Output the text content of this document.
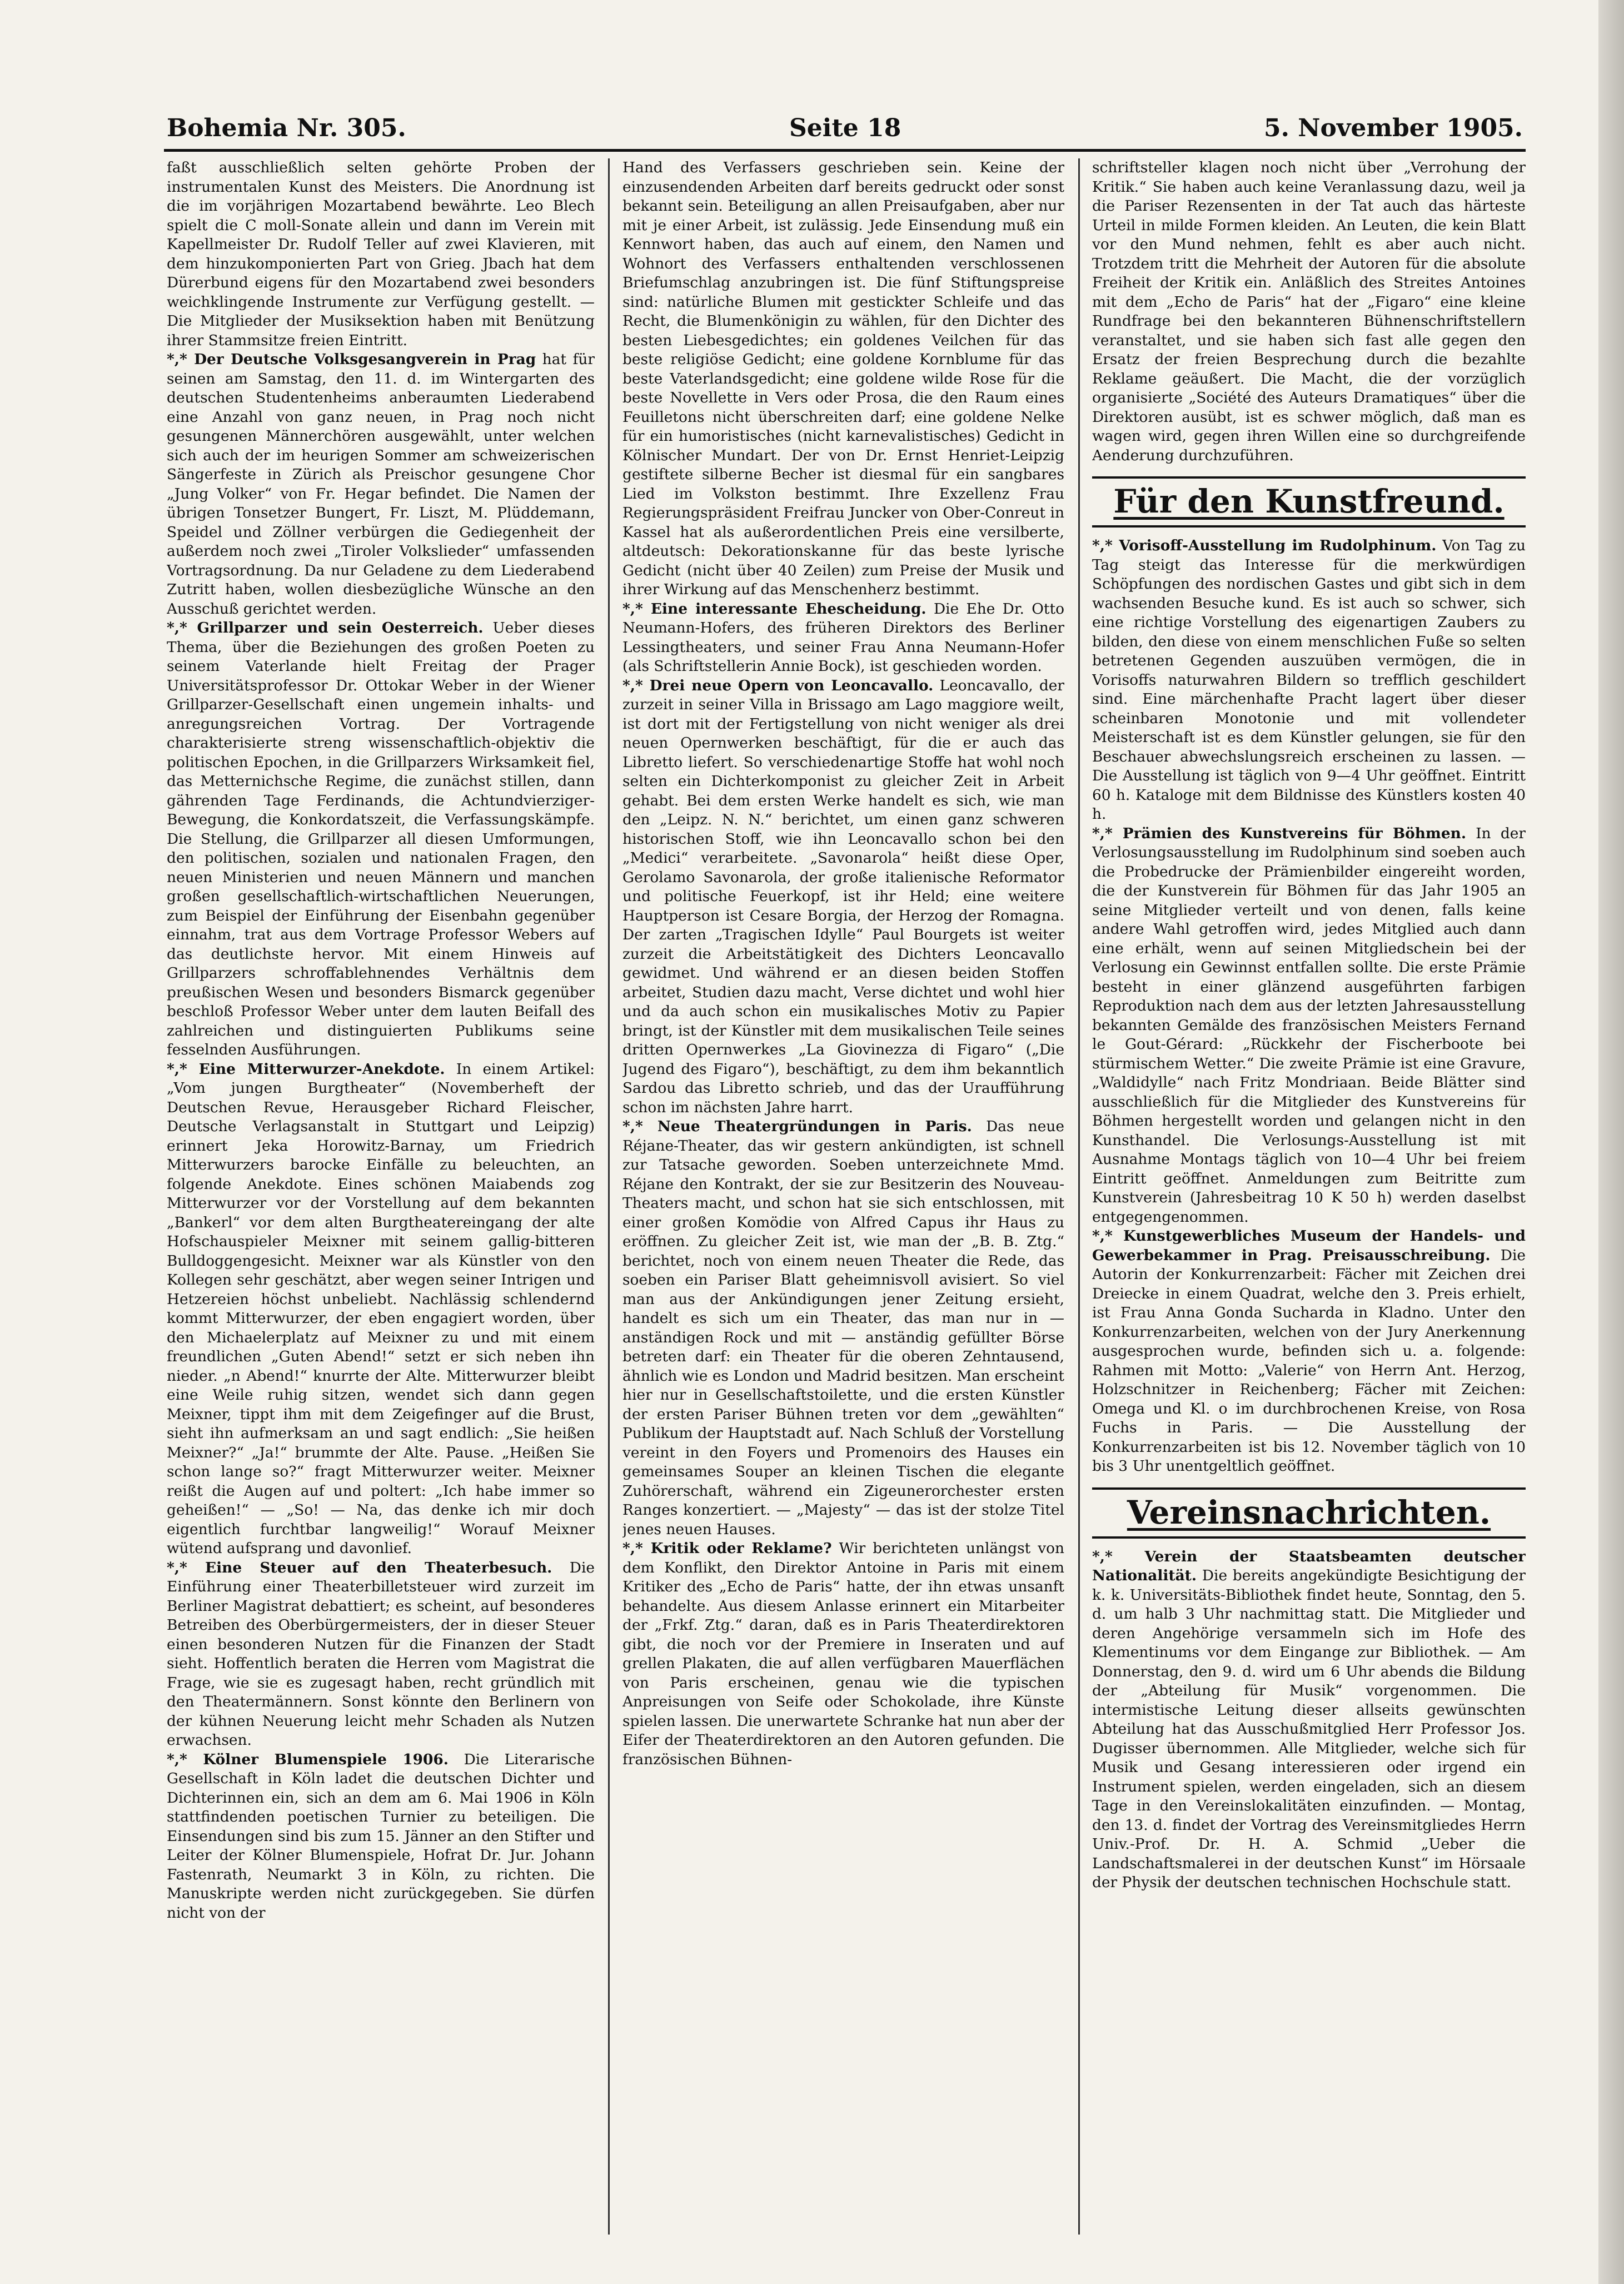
Bohemia Nr. 305.	Seite 18	5. November 1905.

faßt ausschließlich selten gehörte Proben der instrumentalen Kunst des Meisters. Die Anordnung ist die im vorjährigen Mozartabend bewährte. Leo Blech spielt die C moll-Sonate allein und dann im Verein mit Kapellmeister Dr. Rudolf Teller auf zwei Klavieren, mit dem hinzukomponierten Part von Grieg. Jbach hat dem Dürerbund eigens für den Mozartabend zwei besonders weichklingende Instrumente zur Verfügung gestellt. — Die Mitglieder der Musiksektion haben mit Benützung ihrer Stammsitze freien Eintritt.

*,* Der Deutsche Volksgesangverein in Prag hat für seinen am Samstag, den 11. d. im Wintergarten des deutschen Studentenheims anberaumten Liederabend eine Anzahl von ganz neuen, in Prag noch nicht gesungenen Männerchören ausgewählt, unter welchen sich auch der im heurigen Sommer am schweizerischen Sängerfeste in Zürich als Preischor gesungene Chor „Jung Volker“ von Fr. Hegar befindet. Die Namen der übrigen Tonsetzer Bungert, Fr. Liszt, M. Plüddemann, Speidel und Zöllner verbürgen die Gediegenheit der außerdem noch zwei „Tiroler Volkslieder“ umfassenden Vortragsordnung. Da nur Geladene zu dem Liederabend Zutritt haben, wollen diesbezügliche Wünsche an den Ausschuß gerichtet werden.

*,* Grillparzer und sein Oesterreich. Ueber dieses Thema, über die Beziehungen des großen Poeten zu seinem Vaterlande hielt Freitag der Prager Universitätsprofessor Dr. Ottokar Weber in der Wiener Grillparzer-Gesellschaft einen ungemein inhalts- und anregungsreichen Vortrag. Der Vortragende charakterisierte streng wissenschaftlich-objektiv die politischen Epochen, in die Grillparzers Wirksamkeit fiel, das Metternichsche Regime, die zunächst stillen, dann gährenden Tage Ferdinands, die Achtundvierziger-Bewegung, die Konkordatszeit, die Verfassungskämpfe. Die Stellung, die Grillparzer all diesen Umformungen, den politischen, sozialen und nationalen Fragen, den neuen Ministerien und neuen Männern und manchen großen gesellschaftlich-wirtschaftlichen Neuerungen, zum Beispiel der Einführung der Eisenbahn gegenüber einnahm, trat aus dem Vortrage Professor Webers auf das deutlichste hervor. Mit einem Hinweis auf Grillparzers schroffablehnendes Verhältnis dem preußischen Wesen und besonders Bismarck gegenüber beschloß Professor Weber unter dem lauten Beifall des zahlreichen und distinguierten Publikums seine fesselnden Ausführungen.

*,* Eine Mitterwurzer-Anekdote. In einem Artikel: „Vom jungen Burgtheater“ (Novemberheft der Deutschen Revue, Herausgeber Richard Fleischer, Deutsche Verlagsanstalt in Stuttgart und Leipzig) erinnert Jeka Horowitz-Barnay, um Friedrich Mitterwurzers barocke Einfälle zu beleuchten, an folgende Anekdote. Eines schönen Maiabends zog Mitterwurzer vor der Vorstellung auf dem bekannten „Bankerl“ vor dem alten Burgtheatereingang der alte Hofschauspieler Meixner mit seinem gallig-bitteren Bulldoggengesicht. Meixner war als Künstler von den Kollegen sehr geschätzt, aber wegen seiner Intrigen und Hetzereien höchst unbeliebt. Nachlässig schlendernd kommt Mitterwurzer, der eben engagiert worden, über den Michaelerplatz auf Meixner zu und mit einem freundlichen „Guten Abend!“ setzt er sich neben ihn nieder. „n Abend!“ knurrte der Alte. Mitterwurzer bleibt eine Weile ruhig sitzen, wendet sich dann gegen Meixner, tippt ihm mit dem Zeigefinger auf die Brust, sieht ihn aufmerksam an und sagt endlich: „Sie heißen Meixner?“ „Ja!“ brummte der Alte. Pause. „Heißen Sie schon lange so?“ fragt Mitterwurzer weiter. Meixner reißt die Augen auf und poltert: „Ich habe immer so geheißen!“ — „So! — Na, das denke ich mir doch eigentlich furchtbar langweilig!“ Worauf Meixner wütend aufsprang und davonlief.

*,* Eine Steuer auf den Theaterbesuch. Die Einführung einer Theaterbilletsteuer wird zurzeit im Berliner Magistrat debattiert; es scheint, auf besonderes Betreiben des Oberbürgermeisters, der in dieser Steuer einen besonderen Nutzen für die Finanzen der Stadt sieht. Hoffentlich beraten die Herren vom Magistrat die Frage, wie sie es zugesagt haben, recht gründlich mit den Theatermännern. Sonst könnte den Berlinern von der kühnen Neuerung leicht mehr Schaden als Nutzen erwachsen.

*,* Kölner Blumenspiele 1906. Die Literarische Gesellschaft in Köln ladet die deutschen Dichter und Dichterinnen ein, sich an dem am 6. Mai 1906 in Köln stattfindenden poetischen Turnier zu beteiligen. Die Einsendungen sind bis zum 15. Jänner an den Stifter und Leiter der Kölner Blumenspiele, Hofrat Dr. Jur. Johann Fastenrath, Neumarkt 3 in Köln, zu richten. Die Manuskripte werden nicht zurückgegeben. Sie dürfen nicht von der

Hand des Verfassers geschrieben sein. Keine der einzusendenden Arbeiten darf bereits gedruckt oder sonst bekannt sein. Beteiligung an allen Preisaufgaben, aber nur mit je einer Arbeit, ist zulässig. Jede Einsendung muß ein Kennwort haben, das auch auf einem, den Namen und Wohnort des Verfassers enthaltenden verschlossenen Briefumschlag anzubringen ist. Die fünf Stiftungspreise sind: natürliche Blumen mit gestickter Schleife und das Recht, die Blumenkönigin zu wählen, für den Dichter des besten Liebesgedichtes; ein goldenes Veilchen für das beste religiöse Gedicht; eine goldene Kornblume für das beste Vaterlandsgedicht; eine goldene wilde Rose für die beste Novellette in Vers oder Prosa, die den Raum eines Feuilletons nicht überschreiten darf; eine goldene Nelke für ein humoristisches (nicht karnevalistisches) Gedicht in Kölnischer Mundart. Der von Dr. Ernst Henriet-Leipzig gestiftete silberne Becher ist diesmal für ein sangbares Lied im Volkston bestimmt. Ihre Exzellenz Frau Regierungspräsident Freifrau Juncker von Ober-Conreut in Kassel hat als außerordentlichen Preis eine versilberte, altdeutsch: Dekorationskanne für das beste lyrische Gedicht (nicht über 40 Zeilen) zum Preise der Musik und ihrer Wirkung auf das Menschenherz bestimmt.

*,* Eine interessante Ehescheidung. Die Ehe Dr. Otto Neumann-Hofers, des früheren Direktors des Berliner Lessingtheaters, und seiner Frau Anna Neumann-Hofer (als Schriftstellerin Annie Bock), ist geschieden worden.

*,* Drei neue Opern von Leoncavallo. Leoncavallo, der zurzeit in seiner Villa in Brissago am Lago maggiore weilt, ist dort mit der Fertigstellung von nicht weniger als drei neuen Opernwerken beschäftigt, für die er auch das Libretto liefert. So verschiedenartige Stoffe hat wohl noch selten ein Dichterkomponist zu gleicher Zeit in Arbeit gehabt. Bei dem ersten Werke handelt es sich, wie man den „Leipz. N. N.“ berichtet, um einen ganz schweren historischen Stoff, wie ihn Leoncavallo schon bei den „Medici“ verarbeitete. „Savonarola“ heißt diese Oper, Gerolamo Savonarola, der große italienische Reformator und politische Feuerkopf, ist ihr Held; eine weitere Hauptperson ist Cesare Borgia, der Herzog der Romagna. Der zarten „Tragischen Idylle“ Paul Bourgets ist weiter zurzeit die Arbeitstätigkeit des Dichters Leoncavallo gewidmet. Und während er an diesen beiden Stoffen arbeitet, Studien dazu macht, Verse dichtet und wohl hier und da auch schon ein musikalisches Motiv zu Papier bringt, ist der Künstler mit dem musikalischen Teile seines dritten Opernwerkes „La Giovinezza di Figaro“ („Die Jugend des Figaro“), beschäftigt, zu dem ihm bekanntlich Sardou das Libretto schrieb, und das der Uraufführung schon im nächsten Jahre harrt.

*,* Neue Theatergründungen in Paris. Das neue Réjane-Theater, das wir gestern ankündigten, ist schnell zur Tatsache geworden. Soeben unterzeichnete Mmd. Réjane den Kontrakt, der sie zur Besitzerin des Nouveau-Theaters macht, und schon hat sie sich entschlossen, mit einer großen Komödie von Alfred Capus ihr Haus zu eröffnen. Zu gleicher Zeit ist, wie man der „B. B. Ztg.“ berichtet, noch von einem neuen Theater die Rede, das soeben ein Pariser Blatt geheimnisvoll avisiert. So viel man aus der Ankündigungen jener Zeitung ersieht, handelt es sich um ein Theater, das man nur in — anständigen Rock und mit — anständig gefüllter Börse betreten darf: ein Theater für die oberen Zehntausend, ähnlich wie es London und Madrid besitzen. Man erscheint hier nur in Gesellschaftstoilette, und die ersten Künstler der ersten Pariser Bühnen treten vor dem „gewählten“ Publikum der Hauptstadt auf. Nach Schluß der Vorstellung vereint in den Foyers und Promenoirs des Hauses ein gemeinsames Souper an kleinen Tischen die elegante Zuhörerschaft, während ein Zigeunerorchester ersten Ranges konzertiert. — „Majesty“ — das ist der stolze Titel jenes neuen Hauses.

*,* Kritik oder Reklame? Wir berichteten unlängst von dem Konflikt, den Direktor Antoine in Paris mit einem Kritiker des „Echo de Paris“ hatte, der ihn etwas unsanft behandelte. Aus diesem Anlasse erinnert ein Mitarbeiter der „Frkf. Ztg.“ daran, daß es in Paris Theaterdirektoren gibt, die noch vor der Premiere in Inseraten und auf grellen Plakaten, die auf allen verfügbaren Mauerflächen von Paris erscheinen, genau wie die typischen Anpreisungen von Seife oder Schokolade, ihre Künste spielen lassen. Die unerwartete Schranke hat nun aber der Eifer der Theaterdirektoren an den Autoren gefunden. Die französischen Bühnen-

schriftsteller klagen noch nicht über „Verrohung der Kritik.“ Sie haben auch keine Veranlassung dazu, weil ja die Pariser Rezensenten in der Tat auch das härteste Urteil in milde Formen kleiden. An Leuten, die kein Blatt vor den Mund nehmen, fehlt es aber auch nicht. Trotzdem tritt die Mehrheit der Autoren für die absolute Freiheit der Kritik ein. Anläßlich des Streites Antoines mit dem „Echo de Paris“ hat der „Figaro“ eine kleine Rundfrage bei den bekannteren Bühnenschriftstellern veranstaltet, und sie haben sich fast alle gegen den Ersatz der freien Besprechung durch die bezahlte Reklame geäußert. Die Macht, die der vorzüglich organisierte „Société des Auteurs Dramatiques“ über die Direktoren ausübt, ist es schwer möglich, daß man es wagen wird, gegen ihren Willen eine so durchgreifende Aenderung durchzuführen.

Für den Kunstfreund.

*,* Vorisoff-Ausstellung im Rudolphinum. Von Tag zu Tag steigt das Interesse für die merkwürdigen Schöpfungen des nordischen Gastes und gibt sich in dem wachsenden Besuche kund. Es ist auch so schwer, sich eine richtige Vorstellung des eigenartigen Zaubers zu bilden, den diese von einem menschlichen Fuße so selten betretenen Gegenden auszuüben vermögen, die in Vorisoffs naturwahren Bildern so trefflich geschildert sind. Eine märchenhafte Pracht lagert über dieser scheinbaren Monotonie und mit vollendeter Meisterschaft ist es dem Künstler gelungen, sie für den Beschauer abwechslungsreich erscheinen zu lassen. — Die Ausstellung ist täglich von 9—4 Uhr geöffnet. Eintritt 60 h. Kataloge mit dem Bildnisse des Künstlers kosten 40 h.

*,* Prämien des Kunstvereins für Böhmen. In der Verlosungsausstellung im Rudolphinum sind soeben auch die Probedrucke der Prämienbilder eingereiht worden, die der Kunstverein für Böhmen für das Jahr 1905 an seine Mitglieder verteilt und von denen, falls keine andere Wahl getroffen wird, jedes Mitglied auch dann eine erhält, wenn auf seinen Mitgliedschein bei der Verlosung ein Gewinnst entfallen sollte. Die erste Prämie besteht in einer glänzend ausgeführten farbigen Reproduktion nach dem aus der letzten Jahresausstellung bekannten Gemälde des französischen Meisters Fernand le Gout-Gérard: „Rückkehr der Fischerboote bei stürmischem Wetter.“ Die zweite Prämie ist eine Gravure, „Waldidylle“ nach Fritz Mondriaan. Beide Blätter sind ausschließlich für die Mitglieder des Kunstvereins für Böhmen hergestellt worden und gelangen nicht in den Kunsthandel. Die Verlosungs-Ausstellung ist mit Ausnahme Montags täglich von 10—4 Uhr bei freiem Eintritt geöffnet. Anmeldungen zum Beitritte zum Kunstverein (Jahresbeitrag 10 K 50 h) werden daselbst entgegengenommen.

*,* Kunstgewerbliches Museum der Handels- und Gewerbekammer in Prag. Preisausschreibung. Die Autorin der Konkurrenzarbeit: Fächer mit Zeichen drei Dreiecke in einem Quadrat, welche den 3. Preis erhielt, ist Frau Anna Gonda Sucharda in Kladno. Unter den Konkurrenzarbeiten, welchen von der Jury Anerkennung ausgesprochen wurde, befinden sich u. a. folgende: Rahmen mit Motto: „Valerie“ von Herrn Ant. Herzog, Holzschnitzer in Reichenberg; Fächer mit Zeichen: Omega und Kl. o im durchbrochenen Kreise, von Rosa Fuchs in Paris. — Die Ausstellung der Konkurrenzarbeiten ist bis 12. November täglich von 10 bis 3 Uhr unentgeltlich geöffnet.

Vereinsnachrichten.

*,* Verein der Staatsbeamten deutscher Nationalität. Die bereits angekündigte Besichtigung der k. k. Universitäts-Bibliothek findet heute, Sonntag, den 5. d. um halb 3 Uhr nachmittag statt. Die Mitglieder und deren Angehörige versammeln sich im Hofe des Klementinums vor dem Eingange zur Bibliothek. — Am Donnerstag, den 9. d. wird um 6 Uhr abends die Bildung der „Abteilung für Musik“ vorgenommen. Die intermistische Leitung dieser allseits gewünschten Abteilung hat das Ausschußmitglied Herr Professor Jos. Dugisser übernommen. Alle Mitglieder, welche sich für Musik und Gesang interessieren oder irgend ein Instrument spielen, werden eingeladen, sich an diesem Tage in den Vereinslokalitäten einzufinden. — Montag, den 13. d. findet der Vortrag des Vereinsmitgliedes Herrn Univ.-Prof. Dr. H. A. Schmid „Ueber die Landschaftsmalerei in der deutschen Kunst“ im Hörsaale der Physik der deutschen technischen Hochschule statt.
